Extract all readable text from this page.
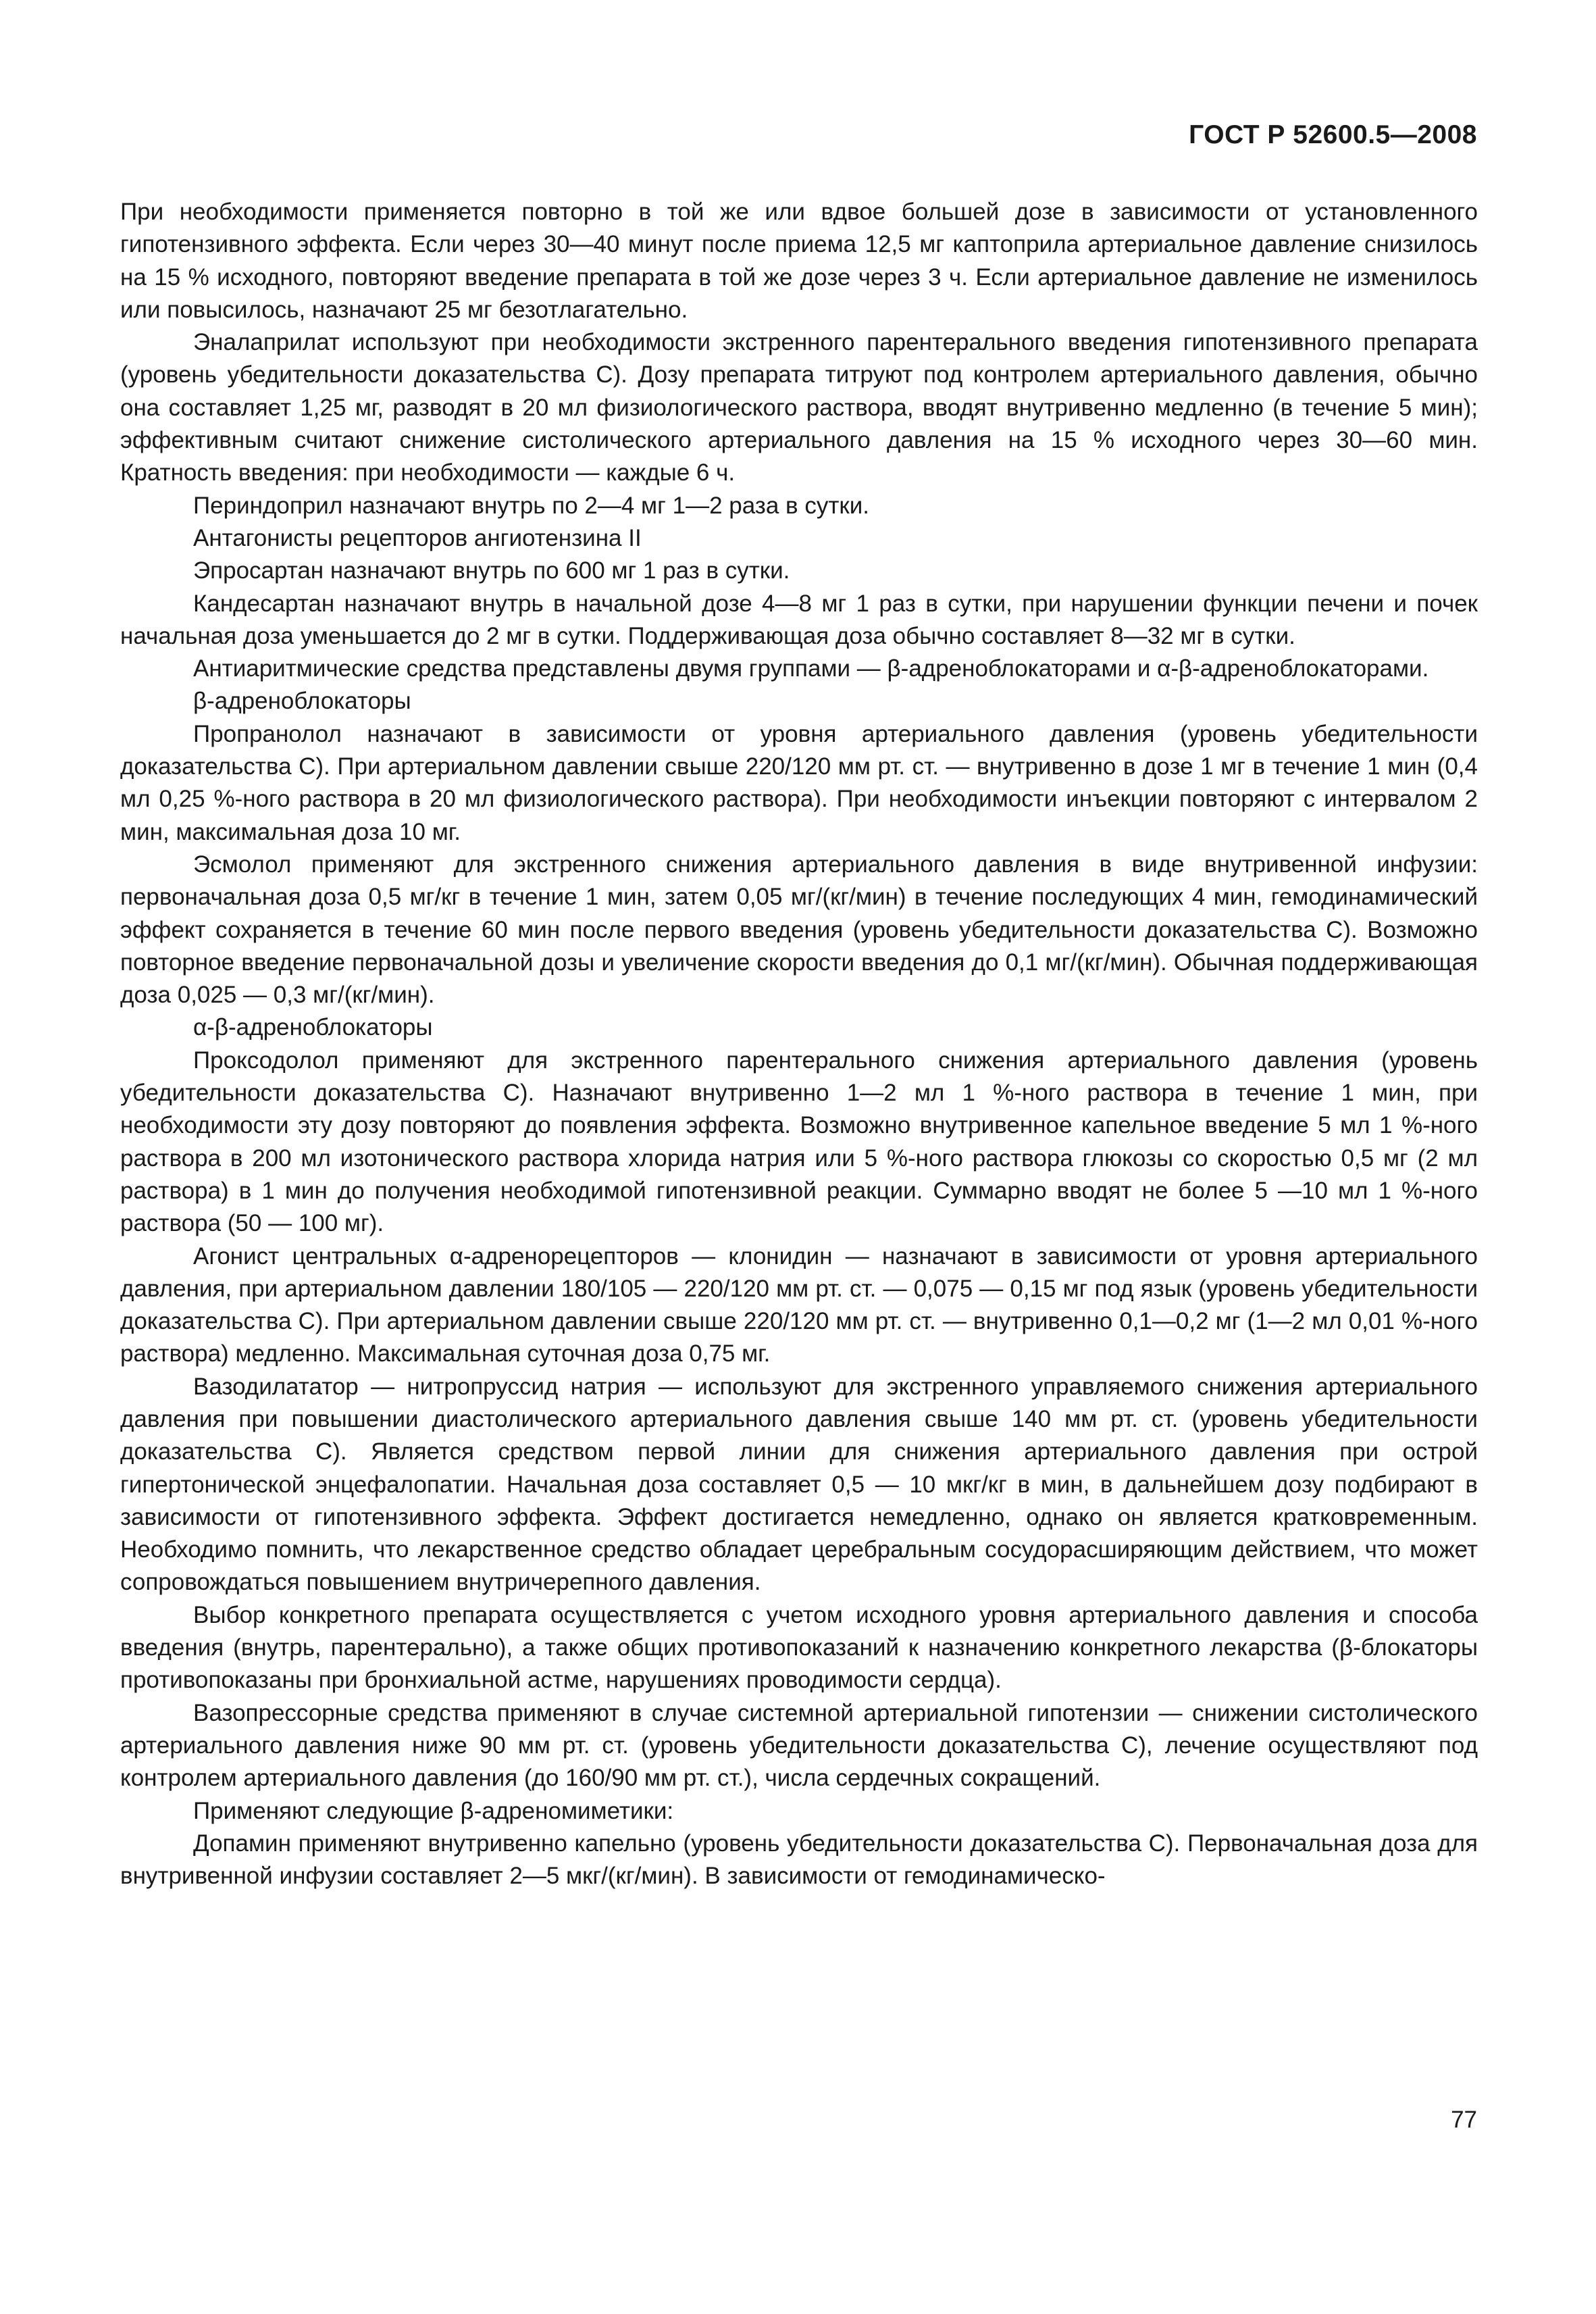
ГОСТ Р 52600.5—2008

При необходимости применяется повторно в той же или вдвое большей дозе в зависимости от установленного гипотензивного эффекта. Если через 30—40 минут после приема 12,5 мг каптоприла артериальное давление снизилось на 15 % исходного, повторяют введение препарата в той же дозе через 3 ч. Если артериальное давление не изменилось или повысилось, назначают 25 мг безотлагательно.

Эналаприлат используют при необходимости экстренного парентерального введения гипотензивного препарата (уровень убедительности доказательства С). Дозу препарата титруют под контролем артериального давления, обычно она составляет 1,25 мг, разводят в 20 мл физиологического раствора, вводят внутривенно медленно (в течение 5 мин); эффективным считают снижение систолического артериального давления на 15 % исходного через 30—60 мин. Кратность введения: при необходимости — каждые 6 ч.

Периндоприл назначают внутрь по 2—4 мг 1—2 раза в сутки.

Антагонисты рецепторов ангиотензина II

Эпросартан назначают внутрь по 600 мг 1 раз в сутки.

Кандесартан назначают внутрь в начальной дозе 4—8 мг 1 раз в сутки, при нарушении функции печени и почек начальная доза уменьшается до 2 мг в сутки. Поддерживающая доза обычно составляет 8—32 мг в сутки.

Антиаритмические средства представлены двумя группами — β-адреноблокаторами и α-β-адреноблокаторами.

β-адреноблокаторы

Пропранолол назначают в зависимости от уровня артериального давления (уровень убедительности доказательства С). При артериальном давлении свыше 220/120 мм рт. ст. — внутривенно в дозе 1 мг в течение 1 мин (0,4 мл 0,25 %-ного раствора в 20 мл физиологического раствора). При необходимости инъекции повторяют с интервалом 2 мин, максимальная доза 10 мг.

Эсмолол применяют для экстренного снижения артериального давления в виде внутривенной инфузии: первоначальная доза 0,5 мг/кг в течение 1 мин, затем 0,05 мг/(кг/мин) в течение последующих 4 мин, гемодинамический эффект сохраняется в течение 60 мин после первого введения (уровень убедительности доказательства С). Возможно повторное введение первоначальной дозы и увеличение скорости введения до 0,1 мг/(кг/мин). Обычная поддерживающая доза 0,025 — 0,3 мг/(кг/мин).

α-β-адреноблокаторы

Проксодолол применяют для экстренного парентерального снижения артериального давления (уровень убедительности доказательства С). Назначают внутривенно 1—2 мл 1 %-ного раствора в течение 1 мин, при необходимости эту дозу повторяют до появления эффекта. Возможно внутривенное капельное введение 5 мл 1 %-ного раствора в 200 мл изотонического раствора хлорида натрия или 5 %-ного раствора глюкозы со скоростью 0,5 мг (2 мл раствора) в 1 мин до получения необходимой гипотензивной реакции. Суммарно вводят не более 5 —10 мл 1 %-ного раствора (50 — 100 мг).

Агонист центральных α-адренорецепторов — клонидин — назначают в зависимости от уровня артериального давления, при артериальном давлении 180/105 — 220/120 мм рт. ст. — 0,075 — 0,15 мг под язык (уровень убедительности доказательства С). При артериальном давлении свыше 220/120 мм рт. ст. — внутривенно 0,1—0,2 мг (1—2 мл 0,01 %-ного раствора) медленно. Максимальная суточная доза 0,75 мг.

Вазодилататор — нитропруссид натрия — используют для экстренного управляемого снижения артериального давления при повышении диастолического артериального давления свыше 140 мм рт. ст. (уровень убедительности доказательства С). Является средством первой линии для снижения артериального давления при острой гипертонической энцефалопатии. Начальная доза составляет 0,5 — 10 мкг/кг в мин, в дальнейшем дозу подбирают в зависимости от гипотензивного эффекта. Эффект достигается немедленно, однако он является кратковременным. Необходимо помнить, что лекарственное средство обладает церебральным сосудорасширяющим действием, что может сопровождаться повышением внутричерепного давления.

Выбор конкретного препарата осуществляется с учетом исходного уровня артериального давления и способа введения (внутрь, парентерально), а также общих противопоказаний к назначению конкретного лекарства (β-блокаторы противопоказаны при бронхиальной астме, нарушениях проводимости сердца).

Вазопрессорные средства применяют в случае системной артериальной гипотензии — снижении систолического артериального давления ниже 90 мм рт. ст. (уровень убедительности доказательства С), лечение осуществляют под контролем артериального давления (до 160/90 мм рт. ст.), числа сердечных сокращений.

Применяют следующие β-адреномиметики:

Допамин применяют внутривенно капельно (уровень убедительности доказательства С). Первоначальная доза для внутривенной инфузии составляет 2—5 мкг/(кг/мин). В зависимости от гемодинамическо-

77
